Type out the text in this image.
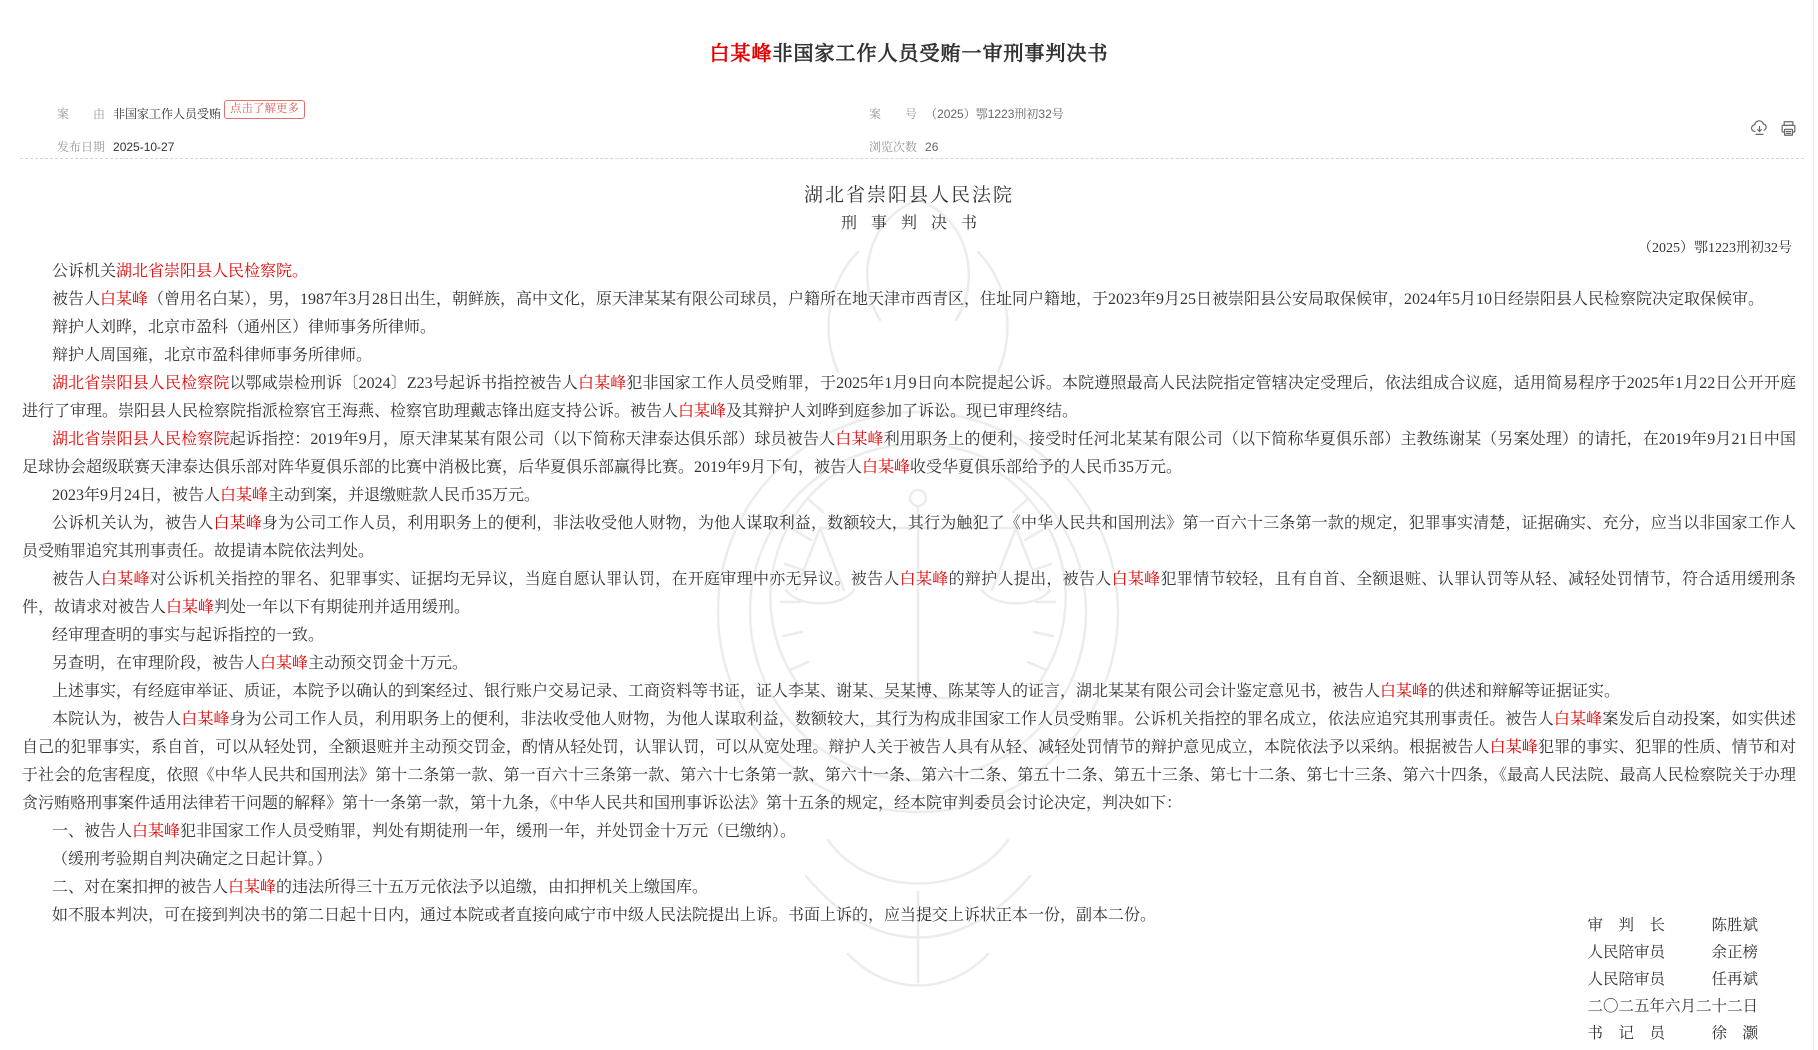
白某峰非国家工作人员受贿一审刑事判决书
案　　由 非国家工作人员受贿 点击了解更多	案　　号 （2025）鄂1223刑初32号
发布日期 2025-10-27	浏览次数 26
湖北省崇阳县人民法院
刑事判决书
（2025）鄂1223刑初32号

公诉机关湖北省崇阳县人民检察院。

被告人白某峰（曾用名白某），男，1987年3月28日出生，朝鲜族，高中文化，原天津某某有限公司球员，户籍所在地天津市西青区，住址同户籍地，于2023年9月25日被崇阳县公安局取保候审，2024年5月10日经崇阳县人民检察院决定取保候审。

辩护人刘晔，北京市盈科（通州区）律师事务所律师。

辩护人周国雍，北京市盈科律师事务所律师。

湖北省崇阳县人民检察院以鄂咸崇检刑诉〔2024〕Z23号起诉书指控被告人白某峰犯非国家工作人员受贿罪，于2025年1月9日向本院提起公诉。本院遵照最高人民法院指定管辖决定受理后，依法组成合议庭，适用简易程序于2025年1月22日公开开庭进行了审理。崇阳县人民检察院指派检察官王海燕、检察官助理戴志锋出庭支持公诉。被告人白某峰及其辩护人刘晔到庭参加了诉讼。现已审理终结。

湖北省崇阳县人民检察院起诉指控：2019年9月，原天津某某有限公司（以下简称天津泰达俱乐部）球员被告人白某峰利用职务上的便利，接受时任河北某某有限公司（以下简称华夏俱乐部）主教练谢某（另案处理）的请托，在2019年9月21日中国足球协会超级联赛天津泰达俱乐部对阵华夏俱乐部的比赛中消极比赛，后华夏俱乐部赢得比赛。2019年9月下旬，被告人白某峰收受华夏俱乐部给予的人民币35万元。

2023年9月24日，被告人白某峰主动到案，并退缴赃款人民币35万元。

公诉机关认为，被告人白某峰身为公司工作人员，利用职务上的便利，非法收受他人财物，为他人谋取利益，数额较大，其行为触犯了《中华人民共和国刑法》第一百六十三条第一款的规定，犯罪事实清楚，证据确实、充分，应当以非国家工作人员受贿罪追究其刑事责任。故提请本院依法判处。

被告人白某峰对公诉机关指控的罪名、犯罪事实、证据均无异议，当庭自愿认罪认罚，在开庭审理中亦无异议。被告人白某峰的辩护人提出，被告人白某峰犯罪情节较轻，且有自首、全额退赃、认罪认罚等从轻、减轻处罚情节，符合适用缓刑条件，故请求对被告人白某峰判处一年以下有期徒刑并适用缓刑。

经审理查明的事实与起诉指控的一致。

另查明，在审理阶段，被告人白某峰主动预交罚金十万元。

上述事实，有经庭审举证、质证，本院予以确认的到案经过、银行账户交易记录、工商资料等书证，证人李某、谢某、吴某博、陈某等人的证言，湖北某某有限公司会计鉴定意见书，被告人白某峰的供述和辩解等证据证实。

本院认为，被告人白某峰身为公司工作人员，利用职务上的便利，非法收受他人财物，为他人谋取利益，数额较大，其行为构成非国家工作人员受贿罪。公诉机关指控的罪名成立，依法应追究其刑事责任。被告人白某峰案发后自动投案，如实供述自己的犯罪事实，系自首，可以从轻处罚，全额退赃并主动预交罚金，酌情从轻处罚，认罪认罚，可以从宽处理。辩护人关于被告人具有从轻、减轻处罚情节的辩护意见成立，本院依法予以采纳。根据被告人白某峰犯罪的事实、犯罪的性质、情节和对于社会的危害程度，依照《中华人民共和国刑法》第十二条第一款、第一百六十三条第一款、第六十七条第一款、第六十一条、第六十二条、第五十二条、第五十三条、第七十二条、第七十三条、第六十四条，《最高人民法院、最高人民检察院关于办理贪污贿赂刑事案件适用法律若干问题的解释》第十一条第一款，第十九条，《中华人民共和国刑事诉讼法》第十五条的规定，经本院审判委员会讨论决定，判决如下：

一、被告人白某峰犯非国家工作人员受贿罪，判处有期徒刑一年，缓刑一年，并处罚金十万元（已缴纳）。

（缓刑考验期自判决确定之日起计算。）

二、对在案扣押的被告人白某峰的违法所得三十五万元依法予以追缴，由扣押机关上缴国库。

如不服本判决，可在接到判决书的第二日起十日内，通过本院或者直接向咸宁市中级人民法院提出上诉。书面上诉的，应当提交上诉状正本一份，副本二份。

审　判　长　　　陈胜斌
人民陪审员　　　余正榜
人民陪审员　　　任再斌
二〇二五年六月二十二日
书　记　员　　　徐　灏
